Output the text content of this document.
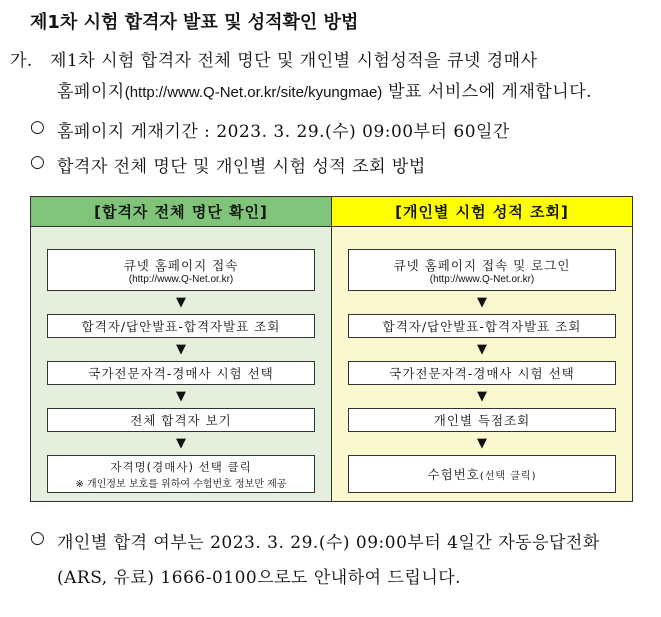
제1차 시험 합격자 발표 및 성적확인 방법
가. 제1차 시험 합격자 전체 명단 및 개인별 시험성적을 큐넷 경매사
홈페이지(http://www.Q-Net.or.kr/site/kyungmae) 발표 서비스에 게재합니다.
○ 홈페이지 게재기간 : 2023. 3. 29.(수) 09:00부터 60일간
○ 합격자 전체 명단 및 개인별 시험 성적 조회 방법
[합격자 전체 명단 확인]
큐넷 홈페이지 접속
(http://www.Q-Net.or.kr)
▼
합격자/답안발표-합격자발표 조회
▼
국가전문자격-경매사 시험 선택
▼
전체 합격자 보기
▼
자격명(경매사) 선택 클릭
※ 개인정보 보호를 위하여 수험번호 정보만 제공
[개인별 시험 성적 조회]
큐넷 홈페이지 접속 및 로그인
(http://www.Q-Net.or.kr)
▼
합격자/답안발표-합격자발표 조회
▼
국가전문자격-경매사 시험 선택
▼
개인별 득점조회
▼
수험번호 (선택 클릭)
○ 개인별 합격 여부는 2023. 3. 29.(수) 09:00부터 4일간 자동응답전화
(ARS, 유료) 1666-0100으로도 안내하여 드립니다.
